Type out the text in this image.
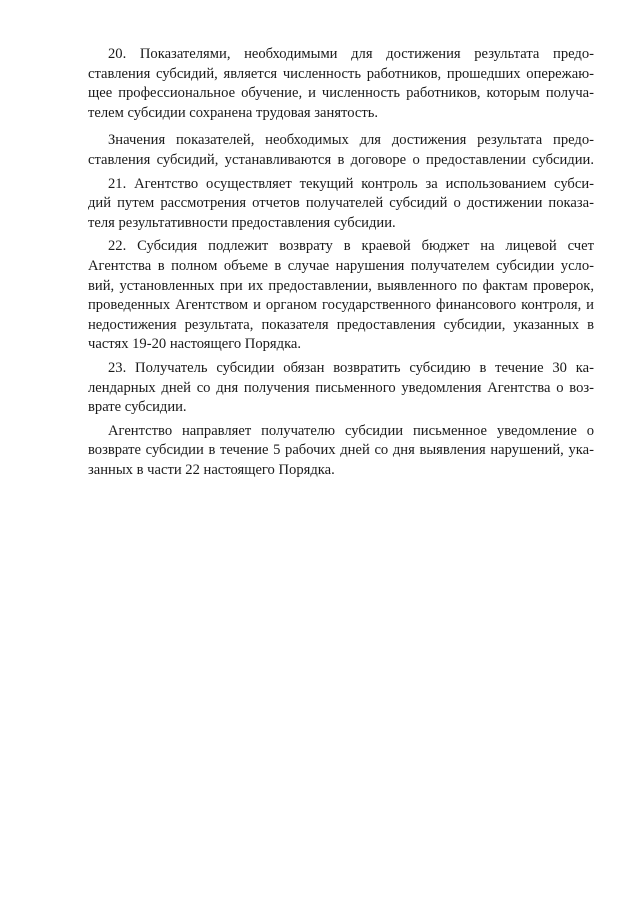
20. Показателями, необходимыми для достижения результата предо-
ставления субсидий, является численность работников, прошедших опережаю-
щее профессиональное обучение, и численность работников, которым получа-
телем субсидии сохранена трудовая занятость.
Значения показателей, необходимых для достижения результата предо-
ставления субсидий, устанавливаются в договоре о предоставлении субсидии.
21. Агентство осуществляет текущий контроль за использованием субси-
дий путем рассмотрения отчетов получателей субсидий о достижении показа-
теля результативности предоставления субсидии.
22. Субсидия подлежит возврату в краевой бюджет на лицевой счет
Агентства в полном объеме в случае нарушения получателем субсидии усло-
вий, установленных при их предоставлении, выявленного по фактам проверок,
проведенных Агентством и органом государственного финансового контроля, и
недостижения результата, показателя предоставления субсидии, указанных в
частях 19-20 настоящего Порядка.
23. Получатель субсидии обязан возвратить субсидию в течение 30 ка-
лендарных дней со дня получения письменного уведомления Агентства о воз-
врате субсидии.
Агентство направляет получателю субсидии письменное уведомление о
возврате субсидии в течение 5 рабочих дней со дня выявления нарушений, ука-
занных в части 22 настоящего Порядка.
